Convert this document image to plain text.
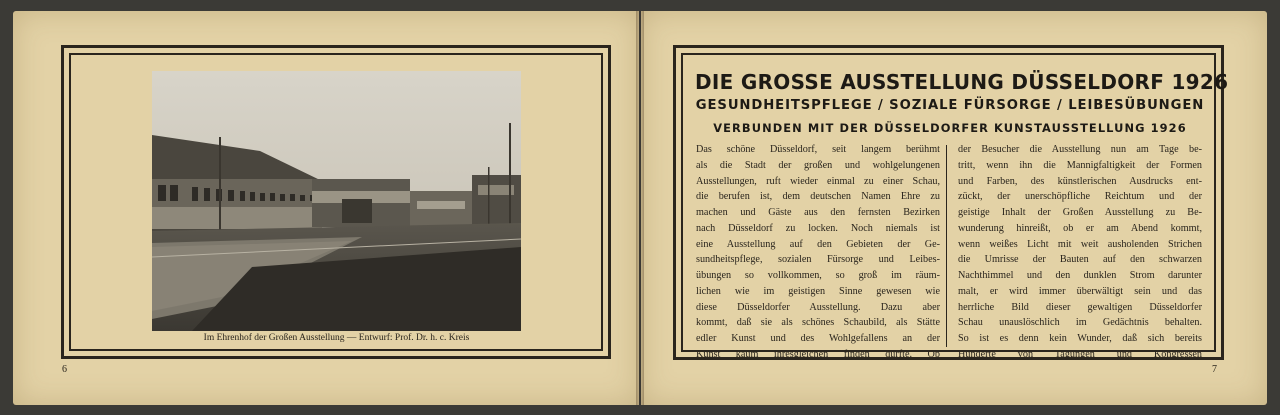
Im Ehrenhof der Großen Ausstellung — Entwurf: Prof. Dr. h. c. Kreis
6
DIE GROSSE AUSSTELLUNG DÜSSELDORF 1926
GESUNDHEITSPFLEGE / SOZIALE FÜRSORGE / LEIBESÜBUNGEN
VERBUNDEN MIT DER DÜSSELDORFER KUNSTAUSSTELLUNG 1926
Das schöne Düsseldorf, seit langem berühmt
als die Stadt der großen und wohlgelungenen
Ausstellungen, ruft wieder einmal zu einer Schau,
die berufen ist, dem deutschen Namen Ehre zu
machen und Gäste aus den fernsten Bezirken
nach Düsseldorf zu locken. Noch niemals ist
eine Ausstellung auf den Gebieten der Ge-
sundheitspflege, sozialen Fürsorge und Leibes-
übungen so vollkommen, so groß im räum-
lichen wie im geistigen Sinne gewesen wie
diese Düsseldorfer Ausstellung. Dazu aber
kommt, daß sie als schönes Schaubild, als Stätte
edler Kunst und des Wohlgefallens an der
Kunst kaum ihresgleichen finden dürfte. Ob
der Besucher die Ausstellung nun am Tage be-
tritt, wenn ihn die Mannigfaltigkeit der Formen
und Farben, des künstlerischen Ausdrucks ent-
zückt, der unerschöpfliche Reichtum und der
geistige Inhalt der Großen Ausstellung zu Be-
wunderung hinreißt, ob er am Abend kommt,
wenn weißes Licht mit weit ausholenden Strichen
die Umrisse der Bauten auf den schwarzen
Nachthimmel und den dunklen Strom darunter
malt, er wird immer überwältigt sein und das
herrliche Bild dieser gewaltigen Düsseldorfer
Schau unauslöschlich im Gedächtnis behalten.
So ist es denn kein Wunder, daß sich bereits
Hunderte von Tagungen und Kongressen
7
